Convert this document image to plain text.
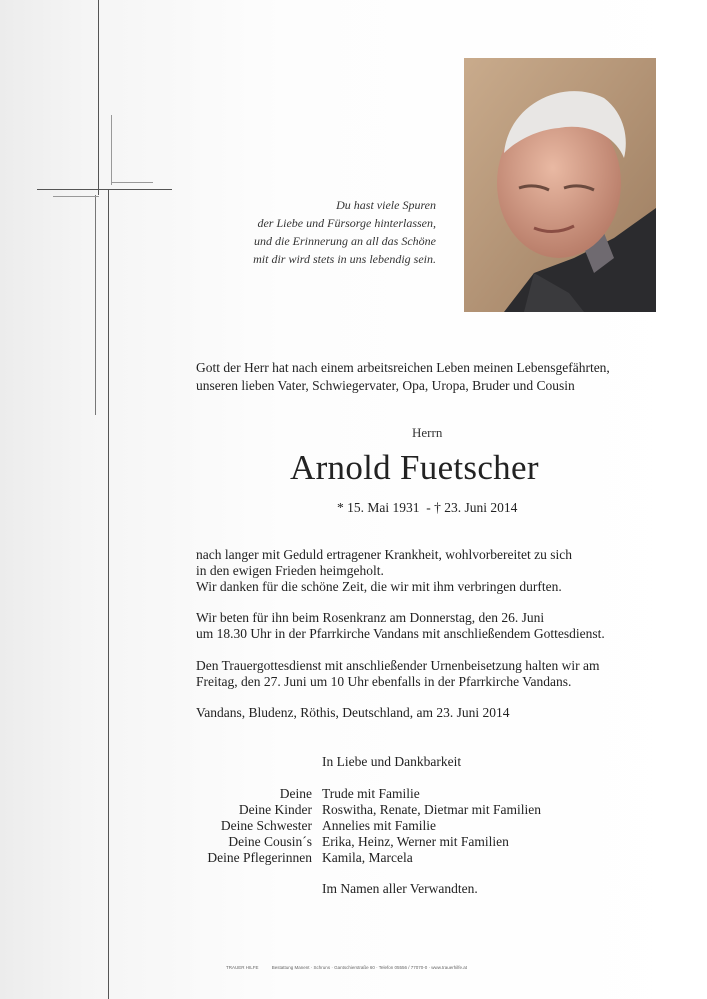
Du hast viele Spuren
der Liebe und Fürsorge hinterlassen,
und die Erinnerung an all das Schöne
mit dir wird stets in uns lebendig sein.
Gott der Herr hat nach einem arbeitsreichen Leben meinen Lebensgefährten,
unseren lieben Vater, Schwiegervater, Opa, Uropa, Bruder und Cousin
Herrn
Arnold Fuetscher
* 15. Mai 1931  - † 23. Juni 2014
nach langer mit Geduld ertragener Krankheit, wohlvorbereitet zu sich
in den ewigen Frieden heimgeholt.
Wir danken für die schöne Zeit, die wir mit ihm verbringen durften.
Wir beten für ihn beim Rosenkranz am Donnerstag, den 26. Juni
um 18.30 Uhr in der Pfarrkirche Vandans mit anschließendem Gottesdienst.
Den Trauergottesdienst mit anschließender Urnenbeisetzung halten wir am
Freitag, den 27. Juni um 10 Uhr ebenfalls in der Pfarrkirche Vandans.
Vandans, Bludenz, Röthis, Deutschland, am 23. Juni 2014
In Liebe und Dankbarkeit
Deine Trude mit Familie
Deine Kinder Roswitha, Renate, Dietmar mit Familien
Deine Schwester Annelies mit Familie
Deine Cousin´s Erika, Heinz, Werner mit Familien
Deine Pflegerinnen Kamila, Marcela
Im Namen aller Verwandten.
TRAUER HILFE	Bestattung Manent · Schruns · Gantschierstraße 60 · Telefon 05556 / 77070-0 · www.trauerhilfe.at
